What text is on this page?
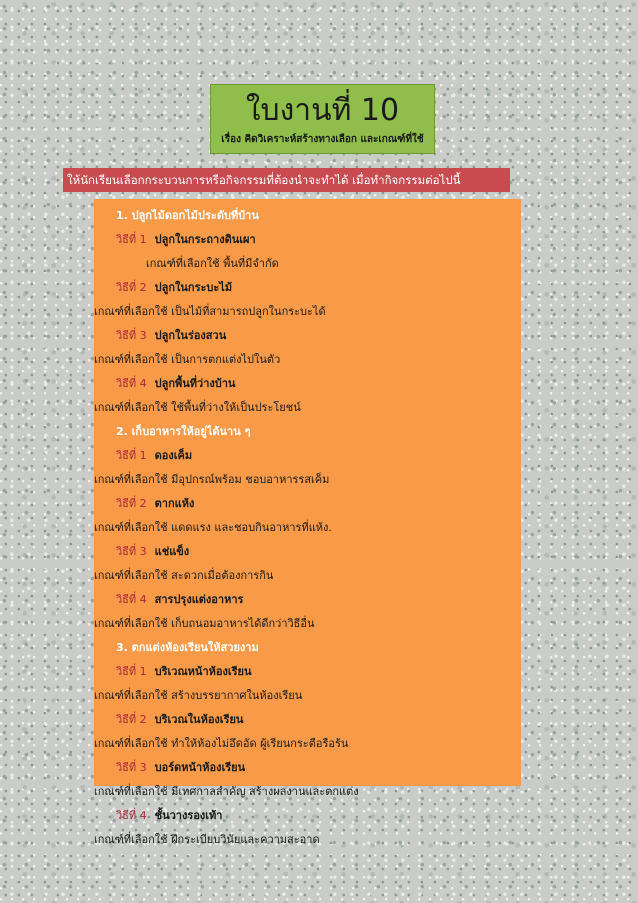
ใบงานที่ 10
เรื่อง คิดวิเคราะห์สร้างทางเลือก และเกณฑ์ที่ใช้
ให้นักเรียนเลือกกระบวนการหรือกิจกรรมที่ต้องนำจะทำได้ เมื่อทำกิจกรรมต่อไปนี้
1. ปลูกไม้ดอกไม้ประดับที่บ้าน
วิธีที่ 1 ปลูกในกระถางดินเผา
เกณฑ์ที่เลือกใช้ พื้นที่มีจำกัด
วิธีที่ 2 ปลูกในกระบะไม้
เกณฑ์ที่เลือกใช้ เป็นไม้ที่สามารถปลูกในกระบะได้
วิธีที่ 3 ปลูกในร่องสวน
เกณฑ์ที่เลือกใช้ เป็นการตกแต่งไปในตัว
วิธีที่ 4 ปลูกพื้นที่ว่างบ้าน
เกณฑ์ที่เลือกใช้ ใช้พื้นที่ว่างให้เป็นประโยชน์
2. เก็บอาหารให้อยู่ได้นาน ๆ
วิธีที่ 1 ดองเค็ม
เกณฑ์ที่เลือกใช้ มีอุปกรณ์พร้อม ชอบอาหารรสเค็ม
วิธีที่ 2 ตากแห้ง
เกณฑ์ที่เลือกใช้ แดดแรง และชอบกินอาหารที่แห้ง.
วิธีที่ 3 แช่แข็ง
เกณฑ์ที่เลือกใช้ สะดวกเมื่อต้องการกิน
วิธีที่ 4 สารปรุงแต่งอาหาร
เกณฑ์ที่เลือกใช้ เก็บถนอมอาหารได้ดีกว่าวิธีอื่น
3. ตกแต่งห้องเรียนให้สวยงาม
วิธีที่ 1 บริเวณหน้าห้องเรียน
เกณฑ์ที่เลือกใช้ สร้างบรรยากาศในห้องเรียน
วิธีที่ 2 บริเวณในห้องเรียน
เกณฑ์ที่เลือกใช้ ทำให้ห้องไม่อึดอัด ผู้เรียนกระตือรือร้น
วิธีที่ 3 บอร์ดหน้าห้องเรียน
เกณฑ์ที่เลือกใช้ มีเทศกาลสำคัญ สร้างผลงานและตกแต่ง
วิธีที่ 4 ชั้นวางรองเท้า
เกณฑ์ที่เลือกใช้ ฝึกระเบียบวินัยและความสะอาด
